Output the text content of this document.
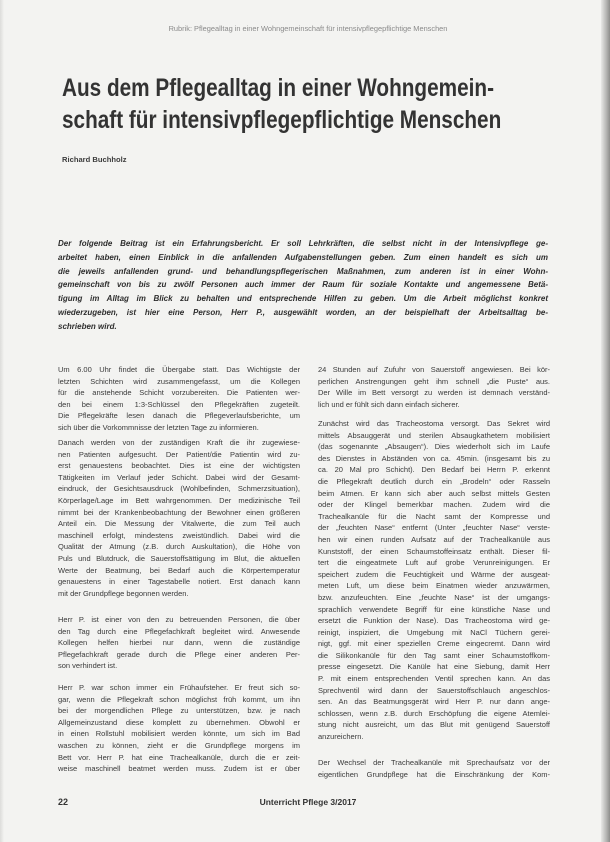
Rubrik: Pflegealltag in einer Wohngemeinschaft für intensivpflegepflichtige Menschen
Aus dem Pflegealltag in einer Wohngemein-
schaft für intensivpflegepflichtige Menschen
Richard Buchholz
Der folgende Beitrag ist ein Erfahrungsbericht. Er soll Lehrkräften, die selbst nicht in der Intensivpflege ge-
arbeitet haben, einen Einblick in die anfallenden Aufgabenstellungen geben. Zum einen handelt es sich um
die jeweils anfallenden grund- und behandlungspflegerischen Maßnahmen, zum anderen ist in einer Wohn-
gemeinschaft von bis zu zwölf Personen auch immer der Raum für soziale Kontakte und angemessene Betä-
tigung im Alltag im Blick zu behalten und entsprechende Hilfen zu geben. Um die Arbeit möglichst konkret
wiederzugeben, ist hier eine Person, Herr P., ausgewählt worden, an der beispielhaft der Arbeitsalltag be-
schrieben wird.
Um 6.00 Uhr findet die Übergabe statt. Das Wichtigste der
letzten Schichten wird zusammengefasst, um die Kollegen
für die anstehende Schicht vorzubereiten. Die Patienten wer-
den bei einem 1:3-Schlüssel den Pflegekräften zugeteilt.
Die Pflegekräfte lesen danach die Pflegeverlaufsberichte, um
sich über die Vorkommnisse der letzten Tage zu informieren.
Danach werden von der zuständigen Kraft die ihr zugewiese-
nen Patienten aufgesucht. Der Patient/die Patientin wird zu-
erst genauestens beobachtet. Dies ist eine der wichtigsten
Tätigkeiten im Verlauf jeder Schicht. Dabei wird der Gesamt-
eindruck, der Gesichtsausdruck (Wohlbefinden, Schmerzsituation),
Körperlage/Lage im Bett wahrgenommen. Der medizinische Teil
nimmt bei der Krankenbeobachtung der Bewohner einen größeren
Anteil ein. Die Messung der Vitalwerte, die zum Teil auch
maschinell erfolgt, mindestens zweistündlich. Dabei wird die
Qualität der Atmung (z.B. durch Auskultation), die Höhe von
Puls und Blutdruck, die Sauerstoffsättigung im Blut, die aktuellen
Werte der Beatmung, bei Bedarf auch die Körpertemperatur
genauestens in einer Tagestabelle notiert. Erst danach kann
mit der Grundpflege begonnen werden.
Herr P. ist einer von den zu betreuenden Personen, die über
den Tag durch eine Pflegefachkraft begleitet wird. Anwesende
Kollegen helfen hierbei nur dann, wenn die zuständige
Pflegefachkraft gerade durch die Pflege einer anderen Per-
son verhindert ist.
Herr P. war schon immer ein Frühaufsteher. Er freut sich so-
gar, wenn die Pflegekraft schon möglichst früh kommt, um ihn
bei der morgendlichen Pflege zu unterstützen, bzw. je nach
Allgemeinzustand diese komplett zu übernehmen. Obwohl er
in einen Rollstuhl mobilisiert werden könnte, um sich im Bad
waschen zu können, zieht er die Grundpflege morgens im
Bett vor. Herr P. hat eine Trachealkanüle, durch die er zeit-
weise maschinell beatmet werden muss. Zudem ist er über
24 Stunden auf Zufuhr von Sauerstoff angewiesen. Bei kör-
perlichen Anstrengungen geht ihm schnell „die Puste“ aus.
Der Wille im Bett versorgt zu werden ist demnach verständ-
lich und er fühlt sich dann einfach sicherer.
Zunächst wird das Tracheostoma versorgt. Das Sekret wird
mittels Absauggerät und sterilen Absaugkathetern mobilisiert
(das sogenannte „Absaugen“). Dies wiederholt sich im Laufe
des Dienstes in Abständen von ca. 45min. (insgesamt bis zu
ca. 20 Mal pro Schicht). Den Bedarf bei Herrn P. erkennt
die Pflegekraft deutlich durch ein „Brodeln“ oder Rasseln
beim Atmen. Er kann sich aber auch selbst mittels Gesten
oder der Klingel bemerkbar machen. Zudem wird die
Trachealkanüle für die Nacht samt der Kompresse und
der „feuchten Nase“ entfernt (Unter „feuchter Nase“ verste-
hen wir einen runden Aufsatz auf der Trachealkanüle aus
Kunststoff, der einen Schaumstoffeinsatz enthält. Dieser fil-
tert die eingeatmete Luft auf grobe Verunreinigungen. Er
speichert zudem die Feuchtigkeit und Wärme der ausgeat-
meten Luft, um diese beim Einatmen wieder anzuwärmen,
bzw. anzufeuchten. Eine „feuchte Nase“ ist der umgangs-
sprachlich verwendete Begriff für eine künstliche Nase und
ersetzt die Funktion der Nase). Das Tracheostoma wird ge-
reinigt, inspiziert, die Umgebung mit NaCl Tüchern gerei-
nigt, ggf. mit einer speziellen Creme eingecremt. Dann wird
die Silikonkanüle für den Tag samt einer Schaumstoffkom-
presse eingesetzt. Die Kanüle hat eine Siebung, damit Herr
P. mit einem entsprechenden Ventil sprechen kann. An das
Sprechventil wird dann der Sauerstoffschlauch angeschlos-
sen. An das Beatmungsgerät wird Herr P. nur dann ange-
schlossen, wenn z.B. durch Erschöpfung die eigene Atemlei-
stung nicht ausreicht, um das Blut mit genügend Sauerstoff
anzureichern.
Der Wechsel der Trachealkanüle mit Sprechaufsatz vor der
eigentlichen Grundpflege hat die Einschränkung der Kom-
22	Unterricht Pflege 3/2017
